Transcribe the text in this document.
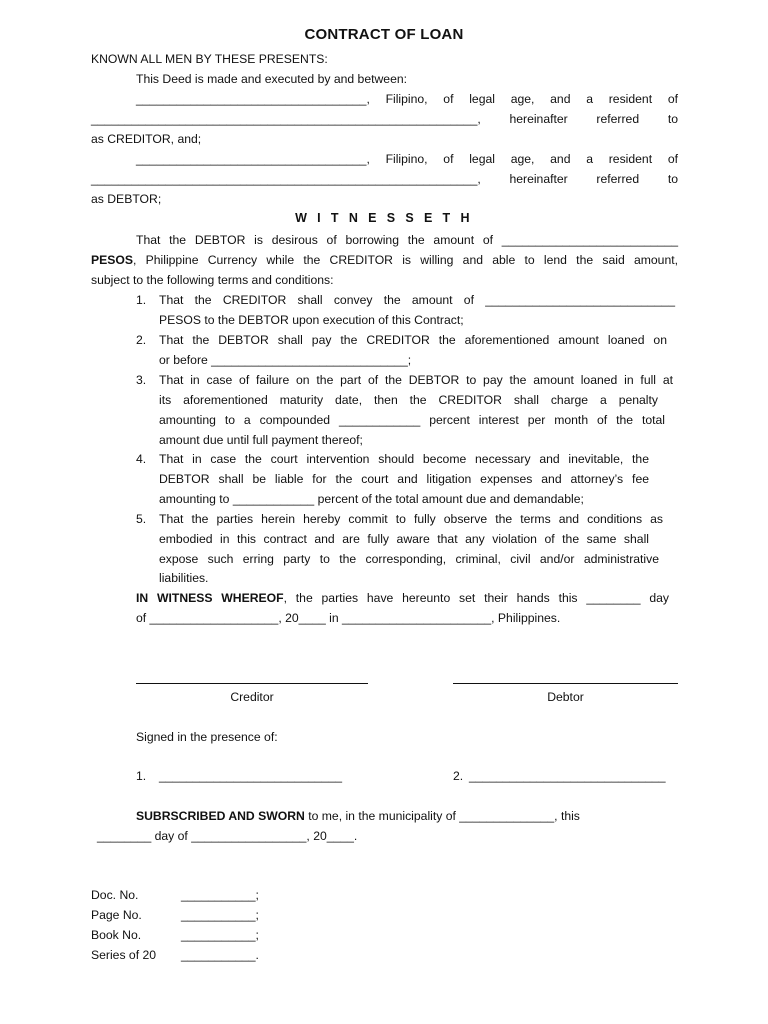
CONTRACT OF LOAN
KNOWN ALL MEN BY THESE PRESENTS:
This Deed is made and executed by and between:
__________________________________, Filipino, of legal age, and a resident of
_________________________________________________________, hereinafter referred to
as CREDITOR, and;
__________________________________, Filipino, of legal age, and a resident of
_________________________________________________________, hereinafter referred to
as DEBTOR;
W I T N E S S E T H
That the DEBTOR is desirous of borrowing the amount of __________________________
PESOS, Philippine Currency while the CREDITOR is willing and able to lend the said amount,
subject to the following terms and conditions:
1. That the CREDITOR shall convey the amount of ____________________________
PESOS to the DEBTOR upon execution of this Contract;
2. That the DEBTOR shall pay the CREDITOR the aforementioned amount loaned on
or before _____________________________;
3. That in case of failure on the part of the DEBTOR to pay the amount loaned in full at
its aforementioned maturity date, then the CREDITOR shall charge a penalty
amounting to a compounded ____________ percent interest per month of the total
amount due until full payment thereof;
4. That in case the court intervention should become necessary and inevitable, the
DEBTOR shall be liable for the court and litigation expenses and attorney’s fee
amounting to ____________ percent of the total amount due and demandable;
5. That the parties herein hereby commit to fully observe the terms and conditions as
embodied in this contract and are fully aware that any violation of the same shall
expose such erring party to the corresponding, criminal, civil and/or administrative
liabilities.
IN WITNESS WHEREOF, the parties have hereunto set their hands this ________ day
of ___________________, 20____ in ______________________, Philippines.
Creditor	Debtor
Signed in the presence of:
1. ___________________________	2. _____________________________
SUBRSCRIBED AND SWORN to me, in the municipality of ______________, this
________ day of _________________, 20____.
Doc. No.	___________;
Page No.	___________;
Book No.	___________;
Series of 20 ___________.
